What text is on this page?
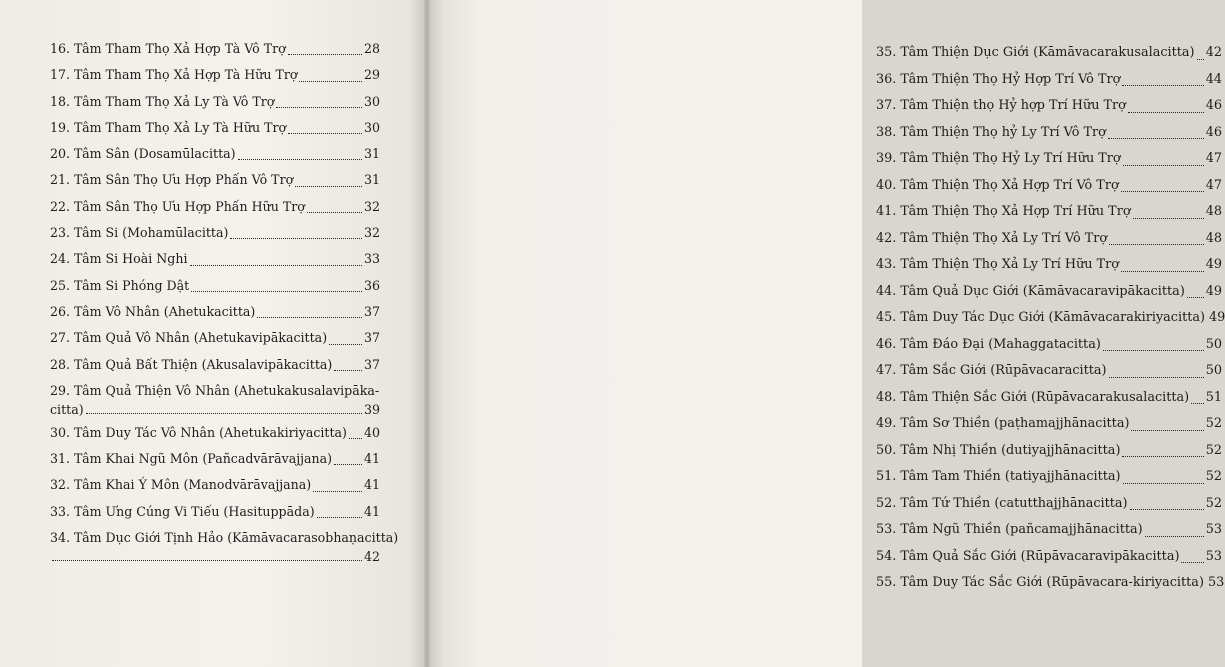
16. Tâm Tham Thọ Xả Hợp Tà Vô Trợ	28
17. Tâm Tham Thọ Xả Hợp Tà Hữu Trợ	29
18. Tâm Tham Thọ Xả Ly Tà Vô Trợ	30
19. Tâm Tham Thọ Xả Ly Tà Hữu Trợ	30
20. Tâm Sân (Dosamūlacitta)	31
21. Tâm Sân Thọ Ưu Hợp Phấn Vô Trợ	31
22. Tâm Sân Thọ Ưu Hợp Phấn Hữu Trợ	32
23. Tâm Si (Mohamūlacitta)	32
24. Tâm Si Hoài Nghi	33
25. Tâm Si Phóng Dật	36
26. Tâm Vô Nhân (Ahetukacitta)	37
27. Tâm Quả Vô Nhân (Ahetukavipākacitta)	37
28. Tâm Quả Bất Thiện (Akusalavipākacitta)	37
29. Tâm Quả Thiện Vô Nhân (Ahetukakusalavipāka-
citta)	39
30. Tâm Duy Tác Vô Nhân (Ahetukakiriyacitta) 40
31. Tâm Khai Ngũ Môn (Pañcadvārāvajjana)	41
32. Tâm Khai Ý Môn (Manodvārāvajjana)	41
33. Tâm Ưng Cúng Vi Tiếu (Hasituppāda)	41
34. Tâm Dục Giới Tịnh Hảo (Kāmāvacarasobhaṇacitta)
42
35. Tâm Thiện Dục Giới (Kāmāvacarakusalacitta) 42
36. Tâm Thiện Thọ Hỷ Hợp Trí Vô Trợ	44
37. Tâm Thiện thọ Hỷ hợp Trí Hữu Trợ	46
38. Tâm Thiện Thọ hỷ Ly Trí Vô Trợ	46
39. Tâm Thiện Thọ Hỷ Ly Trí Hữu Trợ	47
40. Tâm Thiện Thọ Xả Hợp Trí Vô Trợ	47
41. Tâm Thiện Thọ Xả Hợp Trí Hữu Trợ	48
42. Tâm Thiện Thọ Xả Ly Trí Vô Trợ	48
43. Tâm Thiện Thọ Xả Ly Trí Hữu Trợ	49
44. Tâm Quả Dục Giới (Kāmāvacaravipākacitta) 49
45. Tâm Duy Tác Dục Giới (Kāmāvacarakiriyacitta) 49
46. Tâm Đáo Đại (Mahaggatacitta)	50
47. Tâm Sắc Giới (Rūpāvacaracitta)	50
48. Tâm Thiện Sắc Giới (Rūpāvacarakusalacitta) 51
49. Tâm Sơ Thiền (paṭhamajjhānacitta)	52
50. Tâm Nhị Thiền (dutiyajjhānacitta)	52
51. Tâm Tam Thiền (tatiyajjhānacitta)	52
52. Tâm Tứ Thiền (catutthajjhānacitta)	52
53. Tâm Ngũ Thiền (pañcamajjhānacitta)	53
54. Tâm Quả Sắc Giới (Rūpāvacaravipākacitta) 53
55. Tâm Duy Tác Sắc Giới (Rūpāvacara-kiriyacitta) 53
